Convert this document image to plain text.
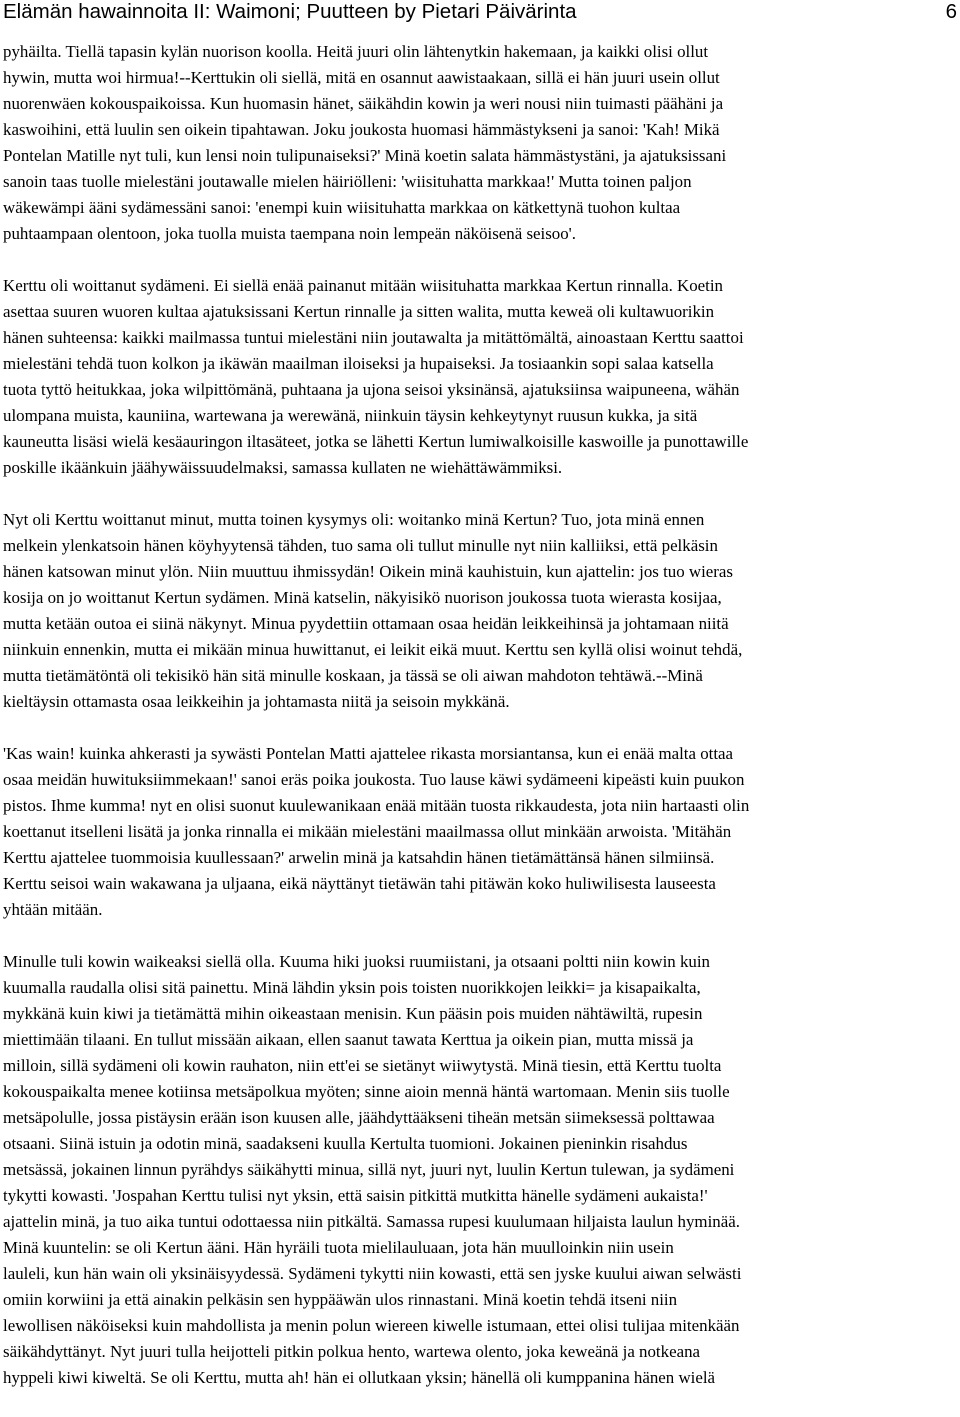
Elämän hawainnoita II: Waimoni; Puutteen by Pietari Päivärinta	6
pyhäilta. Tiellä tapasin kylän nuorison koolla. Heitä juuri olin lähtenytkin hakemaan, ja kaikki olisi ollut
hywin, mutta woi hirmua!--Kerttukin oli siellä, mitä en osannut aawistaakaan, sillä ei hän juuri usein ollut
nuorenwäen kokouspaikoissa. Kun huomasin hänet, säikähdin kowin ja weri nousi niin tuimasti päähäni ja
kaswoihini, että luulin sen oikein tipahtawan. Joku joukosta huomasi hämmästykseni ja sanoi: 'Kah! Mikä
Pontelan Matille nyt tuli, kun lensi noin tulipunaiseksi?' Minä koetin salata hämmästystäni, ja ajatuksissani
sanoin taas tuolle mielestäni joutawalle mielen häiriölleni: 'wiisituhatta markkaa!' Mutta toinen paljon
wäkewämpi ääni sydämessäni sanoi: 'enempi kuin wiisituhatta markkaa on kätkettynä tuohon kultaa
puhtaampaan olentoon, joka tuolla muista taempana noin lempeän näköisenä seisoo'.
Kerttu oli woittanut sydämeni. Ei siellä enää painanut mitään wiisituhatta markkaa Kertun rinnalla. Koetin
asettaa suuren wuoren kultaa ajatuksissani Kertun rinnalle ja sitten walita, mutta keweä oli kultawuorikin
hänen suhteensa: kaikki mailmassa tuntui mielestäni niin joutawalta ja mitättömältä, ainoastaan Kerttu saattoi
mielestäni tehdä tuon kolkon ja ikäwän maailman iloiseksi ja hupaiseksi. Ja tosiaankin sopi salaa katsella
tuota tyttö heitukkaa, joka wilpittömänä, puhtaana ja ujona seisoi yksinänsä, ajatuksiinsa waipuneena, wähän
ulompana muista, kauniina, wartewana ja werewänä, niinkuin täysin kehkeytynyt ruusun kukka, ja sitä
kauneutta lisäsi wielä kesäauringon iltasäteet, jotka se lähetti Kertun lumiwalkoisille kaswoille ja punottawille
poskille ikäänkuin jäähywäissuudelmaksi, samassa kullaten ne wiehättäwämmiksi.
Nyt oli Kerttu woittanut minut, mutta toinen kysymys oli: woitanko minä Kertun? Tuo, jota minä ennen
melkein ylenkatsoin hänen köyhyytensä tähden, tuo sama oli tullut minulle nyt niin kalliiksi, että pelkäsin
hänen katsowan minut ylön. Niin muuttuu ihmissydän! Oikein minä kauhistuin, kun ajattelin: jos tuo wieras
kosija on jo woittanut Kertun sydämen. Minä katselin, näkyisikö nuorison joukossa tuota wierasta kosijaa,
mutta ketään outoa ei siinä näkynyt. Minua pyydettiin ottamaan osaa heidän leikkeihinsä ja johtamaan niitä
niinkuin ennenkin, mutta ei mikään minua huwittanut, ei leikit eikä muut. Kerttu sen kyllä olisi woinut tehdä,
mutta tietämätöntä oli tekisikö hän sitä minulle koskaan, ja tässä se oli aiwan mahdoton tehtäwä.--Minä
kieltäysin ottamasta osaa leikkeihin ja johtamasta niitä ja seisoin mykkänä.
'Kas wain! kuinka ahkerasti ja sywästi Pontelan Matti ajattelee rikasta morsiantansa, kun ei enää malta ottaa
osaa meidän huwituksiimmekaan!' sanoi eräs poika joukosta. Tuo lause käwi sydämeeni kipeästi kuin puukon
pistos. Ihme kumma! nyt en olisi suonut kuulewanikaan enää mitään tuosta rikkaudesta, jota niin hartaasti olin
koettanut itselleni lisätä ja jonka rinnalla ei mikään mielestäni maailmassa ollut minkään arwoista. 'Mitähän
Kerttu ajattelee tuommoisia kuullessaan?' arwelin minä ja katsahdin hänen tietämättänsä hänen silmiinsä.
Kerttu seisoi wain wakawana ja uljaana, eikä näyttänyt tietäwän tahi pitäwän koko huliwilisesta lauseesta
yhtään mitään.
Minulle tuli kowin waikeaksi siellä olla. Kuuma hiki juoksi ruumiistani, ja otsaani poltti niin kowin kuin
kuumalla raudalla olisi sitä painettu. Minä lähdin yksin pois toisten nuorikkojen leikki= ja kisapaikalta,
mykkänä kuin kiwi ja tietämättä mihin oikeastaan menisin. Kun pääsin pois muiden nähtäwiltä, rupesin
miettimään tilaani. En tullut missään aikaan, ellen saanut tawata Kerttua ja oikein pian, mutta missä ja
milloin, sillä sydämeni oli kowin rauhaton, niin ett'ei se sietänyt wiiwytystä. Minä tiesin, että Kerttu tuolta
kokouspaikalta menee kotiinsa metsäpolkua myöten; sinne aioin mennä häntä wartomaan. Menin siis tuolle
metsäpolulle, jossa pistäysin erään ison kuusen alle, jäähdyttääkseni tiheän metsän siimeksessä polttawaa
otsaani. Siinä istuin ja odotin minä, saadakseni kuulla Kertulta tuomioni. Jokainen pieninkin risahdus
metsässä, jokainen linnun pyrähdys säikähytti minua, sillä nyt, juuri nyt, luulin Kertun tulewan, ja sydämeni
tykytti kowasti. 'Jospahan Kerttu tulisi nyt yksin, että saisin pitkittä mutkitta hänelle sydämeni aukaista!'
ajattelin minä, ja tuo aika tuntui odottaessa niin pitkältä. Samassa rupesi kuulumaan hiljaista laulun hyminää.
Minä kuuntelin: se oli Kertun ääni. Hän hyräili tuota mielilauluaan, jota hän muulloinkin niin usein
lauleli, kun hän wain oli yksinäisyydessä. Sydämeni tykytti niin kowasti, että sen jyske kuului aiwan selwästi
omiin korwiini ja että ainakin pelkäsin sen hyppääwän ulos rinnastani. Minä koetin tehdä itseni niin
lewollisen näköiseksi kuin mahdollista ja menin polun wiereen kiwelle istumaan, ettei olisi tulijaa mitenkään
säikähdyttänyt. Nyt juuri tulla heijotteli pitkin polkua hento, wartewa olento, joka keweänä ja notkeana
hyppeli kiwi kiweltä. Se oli Kerttu, mutta ah! hän ei ollutkaan yksin; hänellä oli kumppanina hänen wielä
